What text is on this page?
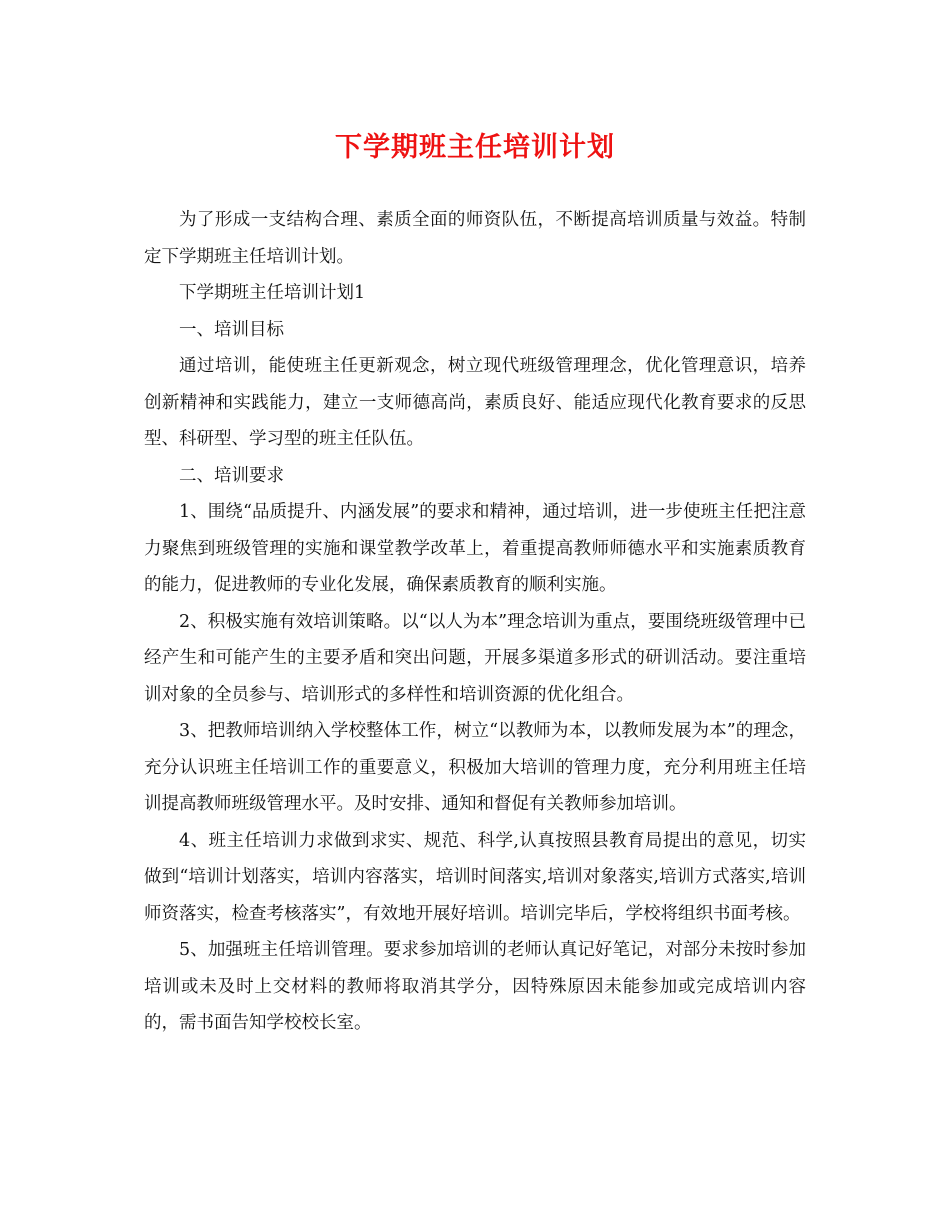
下学期班主任培训计划

为了形成一支结构合理、素质全面的师资队伍，不断提高培训质量与效益。特制定下学期班主任培训计划。

下学期班主任培训计划1

一、培训目标

通过培训，能使班主任更新观念，树立现代班级管理理念，优化管理意识，培养创新精神和实践能力，建立一支师德高尚，素质良好、能适应现代化教育要求的反思型、科研型、学习型的班主任队伍。

二、培训要求

1、围绕“品质提升、内涵发展”的要求和精神，通过培训，进一步使班主任把注意力聚焦到班级管理的实施和课堂教学改革上，着重提高教师师德水平和实施素质教育的能力，促进教师的专业化发展，确保素质教育的顺利实施。

2、积极实施有效培训策略。以“以人为本”理念培训为重点，要围绕班级管理中已经产生和可能产生的主要矛盾和突出问题，开展多渠道多形式的研训活动。要注重培训对象的全员参与、培训形式的多样性和培训资源的优化组合。

3、把教师培训纳入学校整体工作，树立“以教师为本，以教师发展为本”的理念，充分认识班主任培训工作的重要意义，积极加大培训的管理力度，充分利用班主任培训提高教师班级管理水平。及时安排、通知和督促有关教师参加培训。

4、班主任培训力求做到求实、规范、科学,认真按照县教育局提出的意见，切实做到“培训计划落实，培训内容落实，培训时间落实,培训对象落实,培训方式落实,培训师资落实，检查考核落实”，有效地开展好培训。培训完毕后，学校将组织书面考核。

5、加强班主任培训管理。要求参加培训的老师认真记好笔记，对部分未按时参加培训或未及时上交材料的教师将取消其学分，因特殊原因未能参加或完成培训内容的，需书面告知学校校长室。
